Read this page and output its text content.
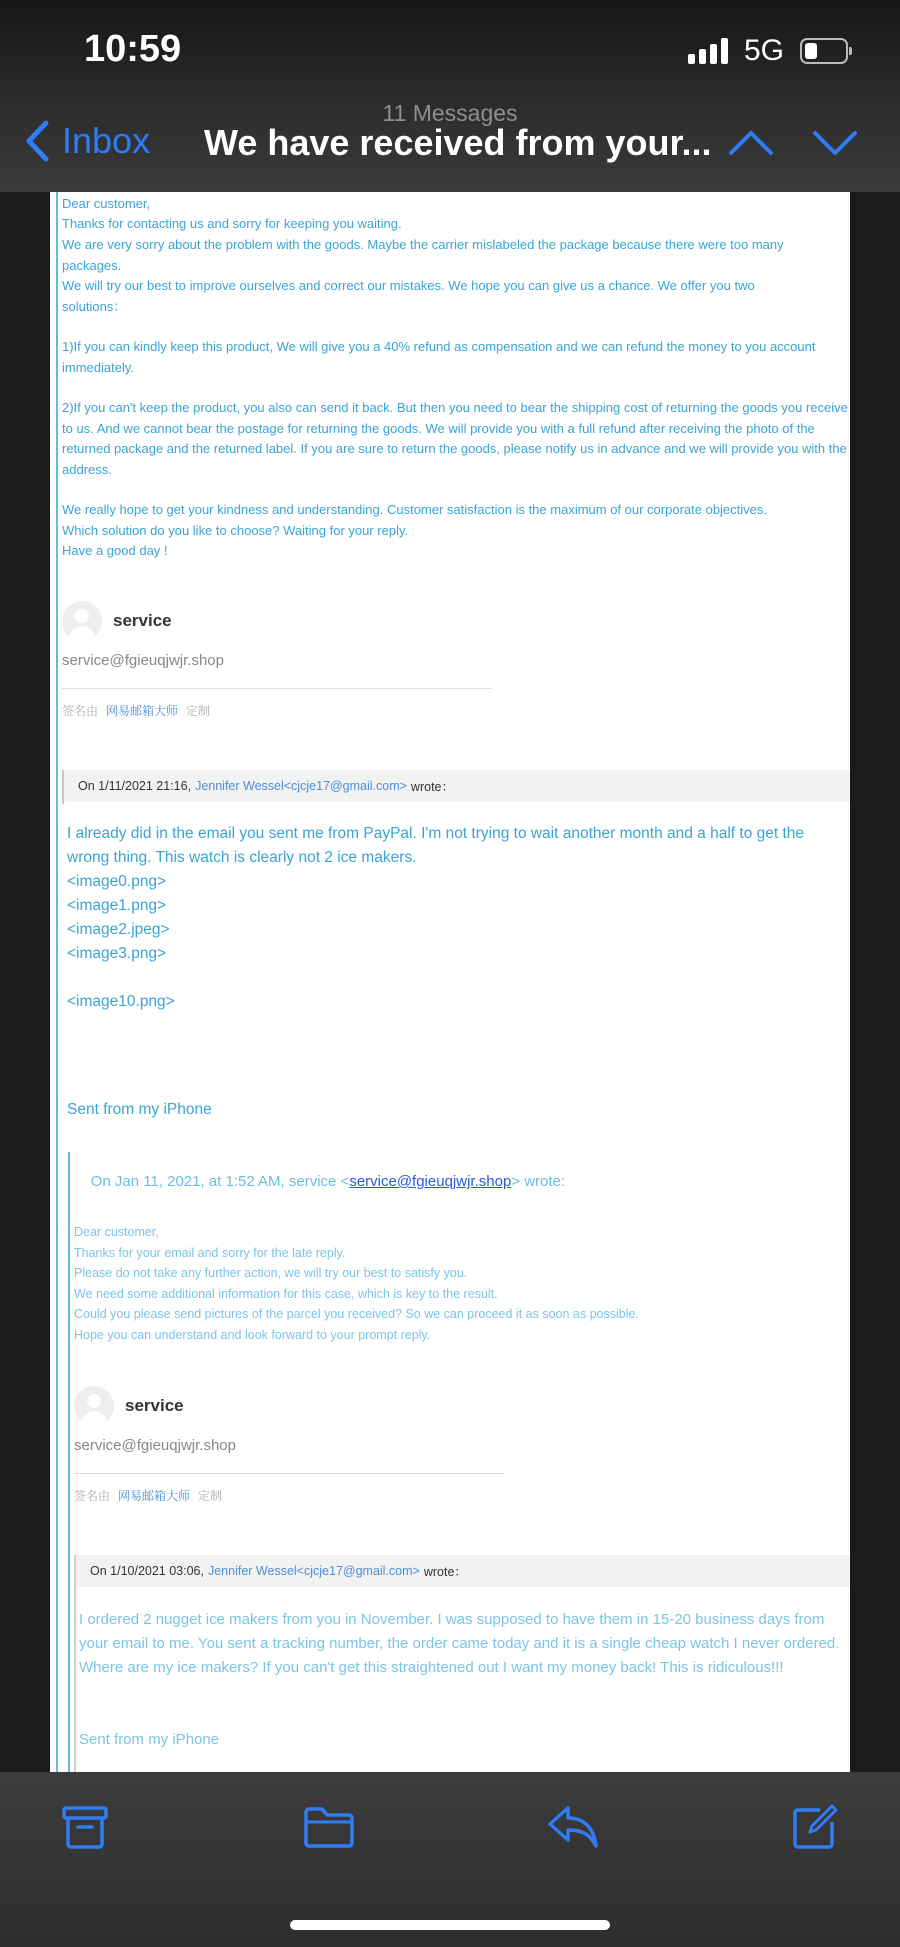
10:59	5G
11 Messages
Inbox We have received from your...
Dear customer,
Thanks for contacting us and sorry for keeping you waiting.
We are very sorry about the problem with the goods. Maybe the carrier mislabeled the package because there were too many packages.
We will try our best to improve ourselves and correct our mistakes. We hope you can give us a chance. We offer you two solutions：
1)If you can kindly keep this product, We will give you a 40% refund as compensation and we can refund the money to you account immediately.
2)If you can't keep the product, you also can send it back. But then you need to bear the shipping cost of returning the goods you receive to us. And we cannot bear the postage for returning the goods. We will provide you with a full refund after receiving the photo of the returned package and the returned label. If you are sure to return the goods, please notify us in advance and we will provide you with the address.
We really hope to get your kindness and understanding. Customer satisfaction is the maximum of our corporate objectives.
Which solution do you like to choose? Waiting for your reply.
Have a good day !
service
service@fgieuqjwjr.shop
签名由 网易邮箱大师 定制
On 1/11/2021 21:16, Jennifer Wessel<cjcje17@gmail.com> wrote：
I already did in the email you sent me from PayPal. I'm not trying to wait another month and a half to get the wrong thing. This watch is clearly not 2 ice makers.
<image0.png>
<image1.png>
<image2.jpeg>
<image3.png>
<image10.png>
Sent from my iPhone

On Jan 11, 2021, at 1:52 AM, service <service@fgieuqjwjr.shop> wrote:

Dear customer,
Thanks for your email and sorry for the late reply.
Please do not take any further action, we will try our best to satisfy you.
We need some additional information for this case, which is key to the result.
Could you please send pictures of the parcel you received? So we can proceed it as soon as possible.
Hope you can understand and look forward to your prompt reply.
service
service@fgieuqjwjr.shop
签名由 网易邮箱大师 定制
On 1/10/2021 03:06, Jennifer Wessel<cjcje17@gmail.com> wrote：
I ordered 2 nugget ice makers from you in November. I was supposed to have them in 15-20 business days from your email to me. You sent a tracking number, the order came today and it is a single cheap watch I never ordered. Where are my ice makers? If you can't get this straightened out I want my money back! This is ridiculous!!!
Sent from my iPhone
